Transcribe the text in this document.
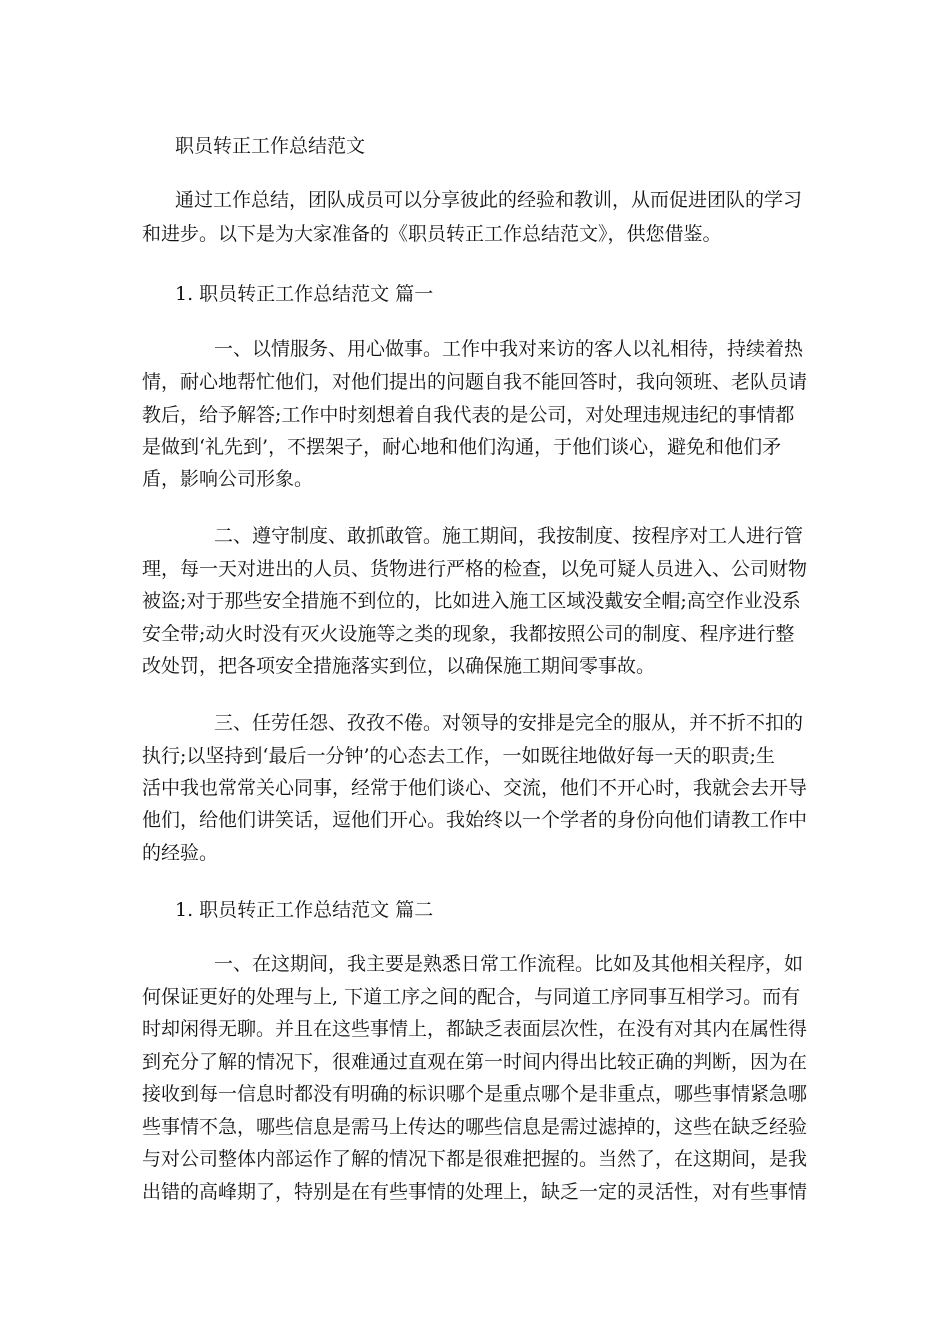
职员转正工作总结范文
通过工作总结，团队成员可以分享彼此的经验和教训，从而促进团队的学习
和进步。以下是为大家准备的《职员转正工作总结范文》，供您借鉴。
1. 职员转正工作总结范文 篇一
一、以情服务、用心做事。工作中我对来访的客人以礼相待，持续着热
情，耐心地帮忙他们，对他们提出的问题自我不能回答时，我向领班、老队员请
教后，给予解答;工作中时刻想着自我代表的是公司，对处理违规违纪的事情都
是做到‘礼先到’，不摆架子，耐心地和他们沟通，于他们谈心，避免和他们矛
盾，影响公司形象。
二、遵守制度、敢抓敢管。施工期间，我按制度、按程序对工人进行管
理，每一天对进出的人员、货物进行严格的检查，以免可疑人员进入、公司财物
被盗;对于那些安全措施不到位的，比如进入施工区域没戴安全帽;高空作业没系
安全带;动火时没有灭火设施等之类的现象，我都按照公司的制度、程序进行整
改处罚，把各项安全措施落实到位，以确保施工期间零事故。
三、任劳任怨、孜孜不倦。对领导的安排是完全的服从，并不折不扣的
执行;以坚持到‘最后一分钟’的心态去工作，一如既往地做好每一天的职责;生
活中我也常常关心同事，经常于他们谈心、交流，他们不开心时，我就会去开导
他们，给他们讲笑话，逗他们开心。我始终以一个学者的身份向他们请教工作中
的经验。
1. 职员转正工作总结范文 篇二
一、在这期间，我主要是熟悉日常工作流程。比如及其他相关程序，如
何保证更好的处理与上, 下道工序之间的配合，与同道工序同事互相学习。而有
时却闲得无聊。并且在这些事情上，都缺乏表面层次性，在没有对其内在属性得
到充分了解的情况下，很难通过直观在第一时间内得出比较正确的判断，因为在
接收到每一信息时都没有明确的标识哪个是重点哪个是非重点，哪些事情紧急哪
些事情不急，哪些信息是需马上传达的哪些信息是需过滤掉的，这些在缺乏经验
与对公司整体内部运作了解的情况下都是很难把握的。当然了，在这期间，是我
出错的高峰期了，特别是在有些事情的处理上，缺乏一定的灵活性，对有些事情
